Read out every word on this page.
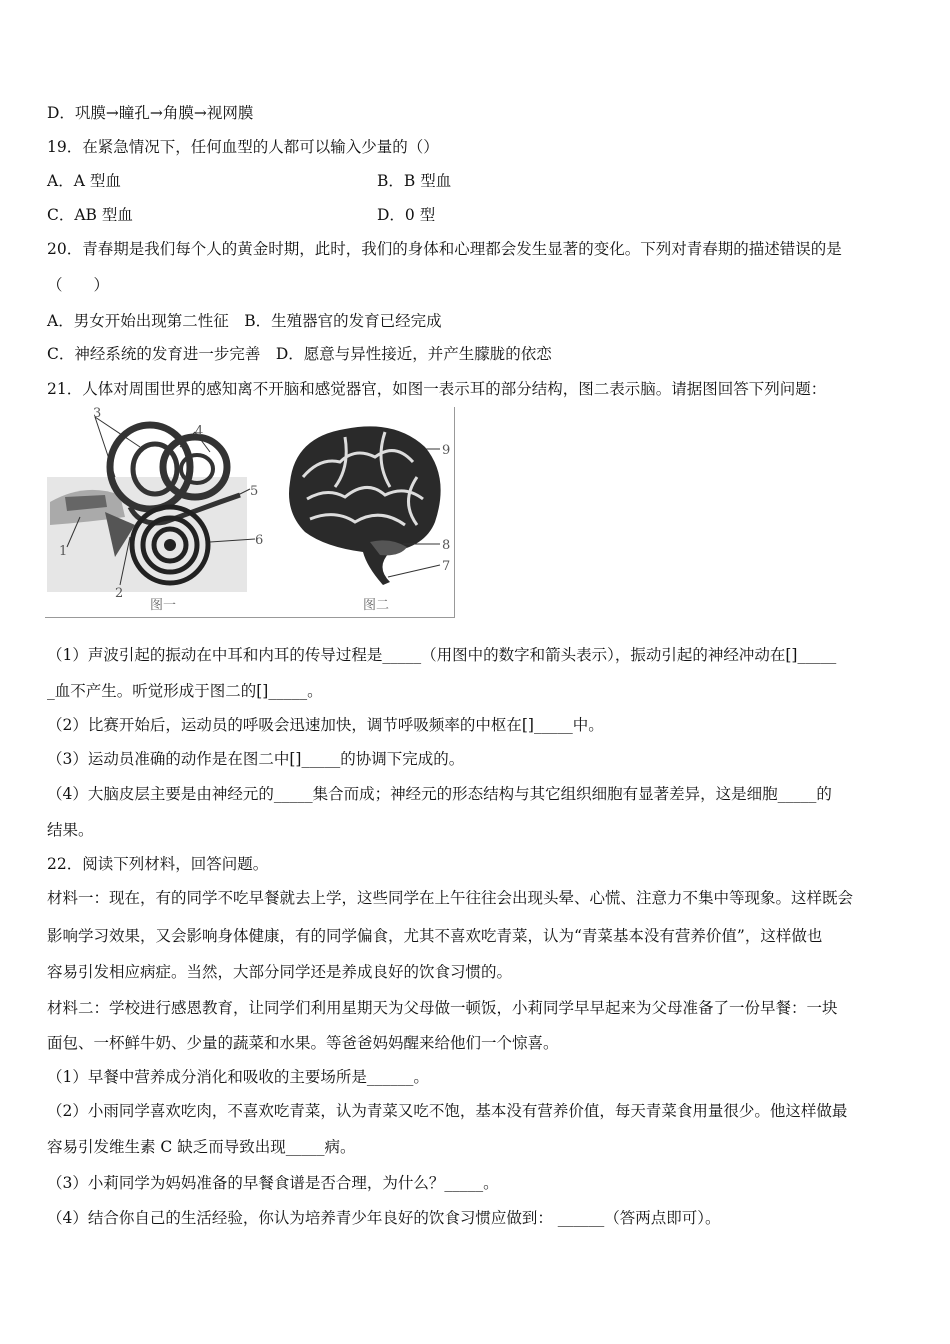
D．巩膜→瞳孔→角膜→视网膜
19．在紧急情况下，任何血型的人都可以输入少量的（）
A．A 型血	B．B 型血
C．AB 型血	D．0 型
20．青春期是我们每个人的黄金时期，此时，我们的身体和心理都会发生显著的变化。下列对青春期的描述错误的是
（　　）
A．男女开始出现第二性征　B．生殖器官的发育已经完成
C．神经系统的发育进一步完善　D．愿意与异性接近，并产生朦胧的依恋
21．人体对周围世界的感知离不开脑和感觉器官，如图一表示耳的部分结构，图二表示脑。请据图回答下列问题：
3
4
5
6
1
2
图一
9
8
7
图二
（1）声波引起的振动在中耳和内耳的传导过程是_____（用图中的数字和箭头表示），振动引起的神经冲动在[]_____
_血不产生。听觉形成于图二的[]_____。
（2）比赛开始后，运动员的呼吸会迅速加快，调节呼吸频率的中枢在[]_____中。
（3）运动员准确的动作是在图二中[]_____的协调下完成的。
（4）大脑皮层主要是由神经元的_____集合而成；神经元的形态结构与其它组织细胞有显著差异，这是细胞_____的
结果。
22．阅读下列材料，回答问题。
材料一：现在，有的同学不吃早餐就去上学，这些同学在上午往往会出现头晕、心慌、注意力不集中等现象。这样既会
影响学习效果，又会影响身体健康，有的同学偏食，尤其不喜欢吃青菜，认为“青菜基本没有营养价值”，这样做也
容易引发相应病症。当然，大部分同学还是养成良好的饮食习惯的。
材料二：学校进行感恩教育，让同学们利用星期天为父母做一顿饭，小莉同学早早起来为父母准备了一份早餐：一块
面包、一杯鲜牛奶、少量的蔬菜和水果。等爸爸妈妈醒来给他们一个惊喜。
（1）早餐中营养成分消化和吸收的主要场所是______。
（2）小雨同学喜欢吃肉，不喜欢吃青菜，认为青菜又吃不饱，基本没有营养价值，每天青菜食用量很少。他这样做最
容易引发维生素 C 缺乏而导致出现_____病。
（3）小莉同学为妈妈准备的早餐食谱是否合理，为什么？_____。
（4）结合你自己的生活经验，你认为培养青少年良好的饮食习惯应做到： ______（答两点即可）。
